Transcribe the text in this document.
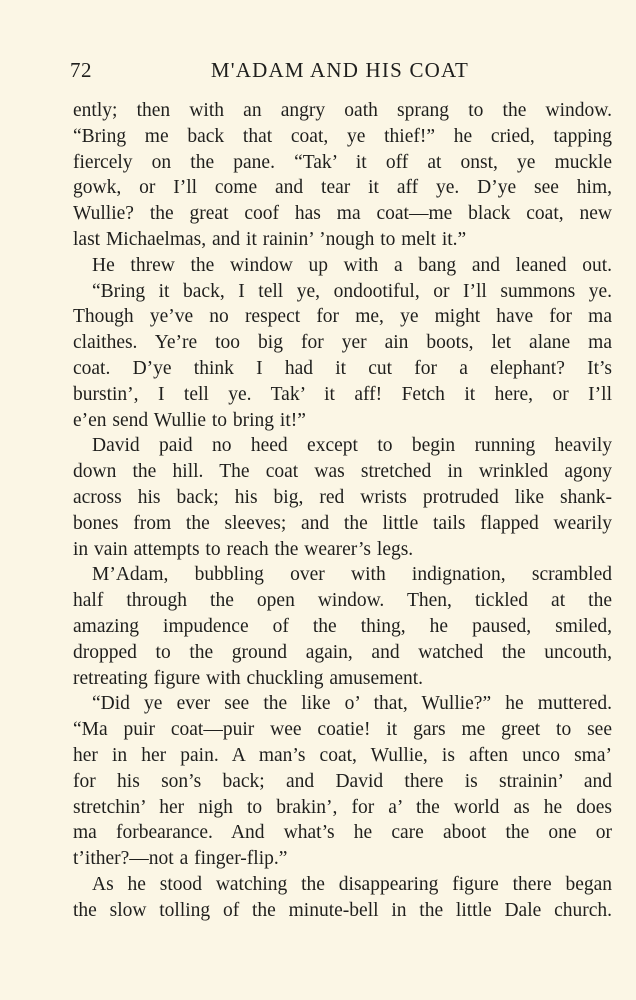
72	M'ADAM AND HIS COAT
ently; then with an angry oath sprang to the window.
“Bring me back that coat, ye thief!” he cried, tapping
fiercely on the pane. “Tak’ it off at onst, ye muckle
gowk, or I’ll come and tear it aff ye. D’ye see him,
Wullie? the great coof has ma coat—me black coat, new
last Michaelmas, and it rainin’ ’nough to melt it.”
He threw the window up with a bang and leaned out.
“Bring it back, I tell ye, ondootiful, or I’ll summons ye.
Though ye’ve no respect for me, ye might have for ma
claithes. Ye’re too big for yer ain boots, let alane ma
coat. D’ye think I had it cut for a elephant? It’s
burstin’, I tell ye. Tak’ it aff! Fetch it here, or I’ll
e’en send Wullie to bring it!”
David paid no heed except to begin running heavily
down the hill. The coat was stretched in wrinkled agony
across his back; his big, red wrists protruded like shank-
bones from the sleeves; and the little tails flapped wearily
in vain attempts to reach the wearer’s legs.
M’Adam, bubbling over with indignation, scrambled
half through the open window. Then, tickled at the
amazing impudence of the thing, he paused, smiled,
dropped to the ground again, and watched the uncouth,
retreating figure with chuckling amusement.
“Did ye ever see the like o’ that, Wullie?” he muttered.
“Ma puir coat—puir wee coatie! it gars me greet to see
her in her pain. A man’s coat, Wullie, is aften unco sma’
for his son’s back; and David there is strainin’ and
stretchin’ her nigh to brakin’, for a’ the world as he does
ma forbearance. And what’s he care aboot the one or
t’ither?—not a finger-flip.”
As he stood watching the disappearing figure there began
the slow tolling of the minute-bell in the little Dale church.
